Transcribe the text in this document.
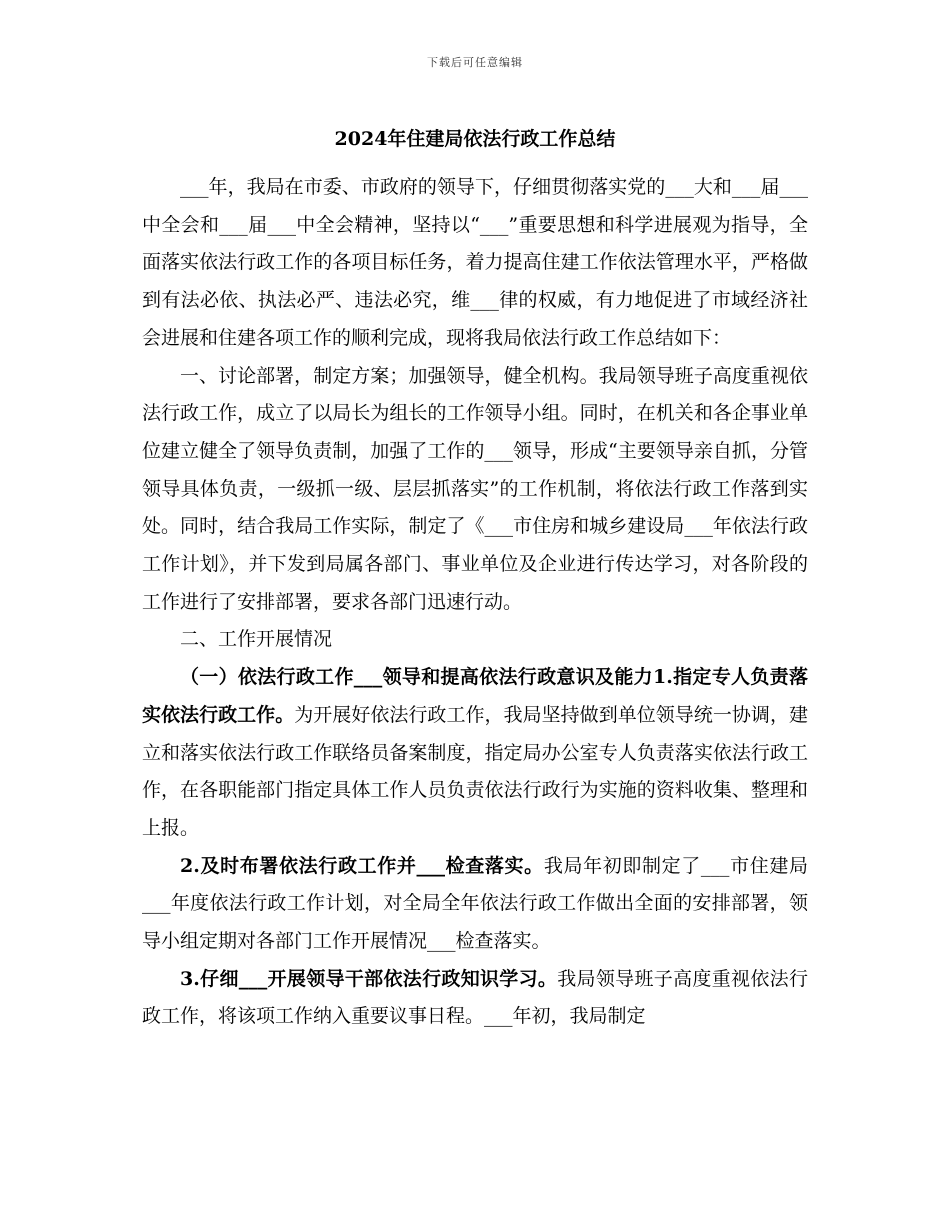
下载后可任意编辑
2024年住建局依法行政工作总结

___年，我局在市委、市政府的领导下，仔细贯彻落实党的___大和___届___中全会和___届___中全会精神，坚持以“___”重要思想和科学进展观为指导，全面落实依法行政工作的各项目标任务，着力提高住建工作依法管理水平，严格做到有法必依、执法必严、违法必究，维___律的权威，有力地促进了市域经济社会进展和住建各项工作的顺利完成，现将我局依法行政工作总结如下：

一、讨论部署，制定方案；加强领导，健全机构。我局领导班子高度重视依法行政工作，成立了以局长为组长的工作领导小组。同时，在机关和各企事业单位建立健全了领导负责制，加强了工作的___领导，形成“主要领导亲自抓，分管领导具体负责，一级抓一级、层层抓落实”的工作机制，将依法行政工作落到实处。同时，结合我局工作实际，制定了《___市住房和城乡建设局___年依法行政工作计划》，并下发到局属各部门、事业单位及企业进行传达学习，对各阶段的工作进行了安排部署，要求各部门迅速行动。

二、工作开展情况

（一）依法行政工作___领导和提高依法行政意识及能力1.指定专人负责落实依法行政工作。为开展好依法行政工作，我局坚持做到单位领导统一协调，建立和落实依法行政工作联络员备案制度，指定局办公室专人负责落实依法行政工作，在各职能部门指定具体工作人员负责依法行政行为实施的资料收集、整理和上报。

2.及时布署依法行政工作并___检查落实。我局年初即制定了___市住建局___年度依法行政工作计划，对全局全年依法行政工作做出全面的安排部署，领导小组定期对各部门工作开展情况___检查落实。

3.仔细___开展领导干部依法行政知识学习。我局领导班子高度重视依法行政工作，将该项工作纳入重要议事日程。___年初，我局制定
